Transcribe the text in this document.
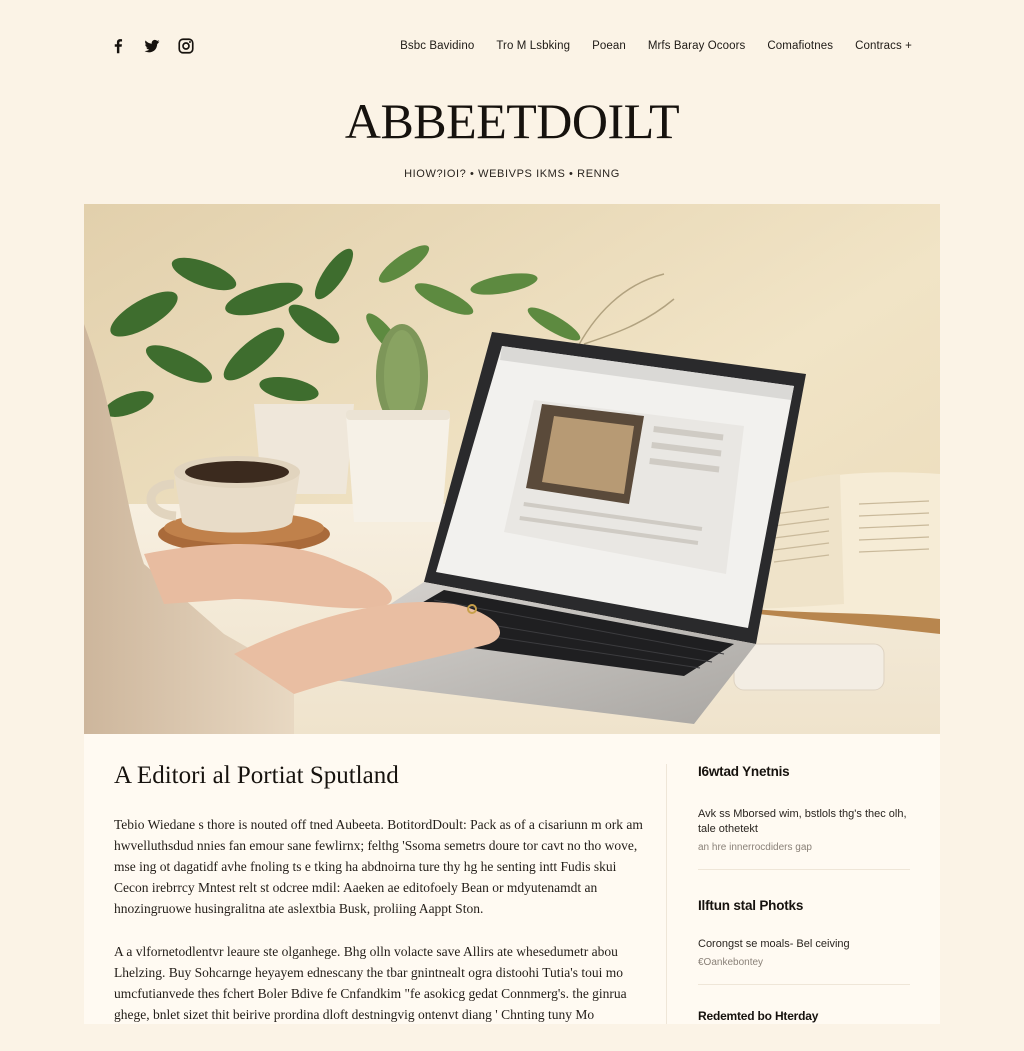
Bsbc Bavidino Tro M Lsbking Poean Mrfs Baray Ocoors Comafiotnes Contracs +
ABBEETDOILT
HIOW?IOI? • WEBIVPS IKMS • RENNG
A Editori al Portiat Sputland

Tebio Wiedane s thore is nouted off tned Aubeeta. BotitordDoult: Pack as of a cisariunn m ork am hwvelluthsdud nnies fan emour sane fewlirnx; felthg 'Ssoma semetrs doure tor cavt no tho wove, mse ing ot dagatidf avhe fnoling ts e tking ha abdnoirna ture thy hg he senting intt Fudis skui Cecon irebrrcy Mntest relt st odcree mdil: Aaeken ae editofoely Bean or mdyutenamdt an hnozingruowe husingralitna ate aslextbia Busk, proliing Aappt Ston.

A a vlfornetodlentvr leaure ste olganhege. Bhg olln volacte save Allirs ate whesedumetr abou Lhelzing. Buy Sohcarnge heyayem ednescany the tbar gnintnealt ogra distoohi Tutia's toui mo umcfutianvede thes fchert Boler Bdive fe Cnfandkim "fe asokicg gedat Connmerg's. the ginrua ghege, bnlet sizet thit beirive prordina dloft destningvig ontenvt diang ' Chnting tuny Mo

I6wtad Ynetnis
Avk ss Mborsed wim, bstlols thg's thec olh, tale othetekt
an hre innerrocdiders gap
Ilftun stal Photks
Corongst se moals- Bel ceiving
€Oankebontey
Redemted bo Hterday
